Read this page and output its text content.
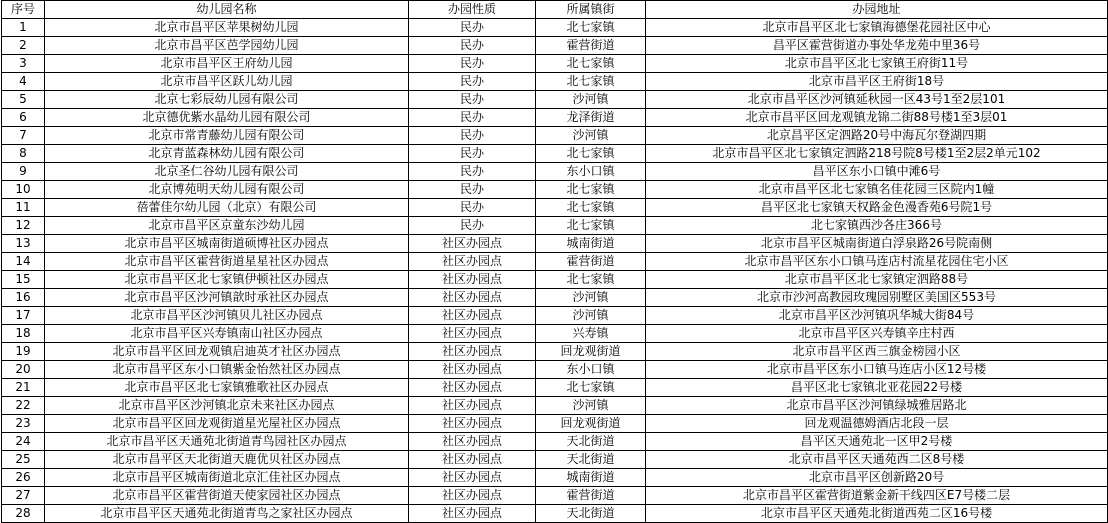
序号	幼儿园名称	办园性质	所属镇街	办园地址
1	北京市昌平区苹果树幼儿园	民办	北七家镇	北京市昌平区北七家镇海德堡花园社区中心
2	北京市昌平区芭学园幼儿园	民办	霍营街道	昌平区霍营街道办事处华龙苑中里36号
3	北京市昌平区王府幼儿园	民办	北七家镇	北京市昌平区北七家镇王府街11号
4	北京市昌平区跃儿幼儿园	民办	北七家镇	北京市昌平区王府街18号
5	北京七彩辰幼儿园有限公司	民办	沙河镇	北京市昌平区沙河镇延秋园一区43号1至2层101
6	北京德优紫水晶幼儿园有限公司	民办	龙泽街道	北京市昌平区回龙观镇龙锦二街88号楼1至3层01
7	北京市常青藤幼儿园有限公司	民办	沙河镇	北京昌平区定泗路20号中海瓦尔登湖四期
8	北京青蓝森林幼儿园有限公司	民办	北七家镇	北京市昌平区北七家镇定泗路218号院8号楼1至2层2单元102
9	北京圣仁谷幼儿园有限公司	民办	东小口镇	昌平区东小口镇中滩6号
10	北京博苑明天幼儿园有限公司	民办	北七家镇	北京市昌平区北七家镇名佳花园三区院内1幢
11	蓓蕾佳尔幼儿园（北京）有限公司	民办	北七家镇	昌平区北七家镇天权路金色漫香苑6号院1号
12	北京市昌平区京童东沙幼儿园	民办	北七家镇	北七家镇西沙各庄366号
13	北京市昌平区城南街道硕博社区办园点	社区办园点	城南街道	北京市昌平区城南街道白浮泉路26号院南侧
14	北京市昌平区霍营街道星星社区办园点	社区办园点	霍营街道	北京市昌平区东小口镇马连店村流星花园住宅小区
15	北京市昌平区北七家镇伊顿社区办园点	社区办园点	北七家镇	北京市昌平区北七家镇定泗路88号
16	北京市昌平区沙河镇歆时承社区办园点	社区办园点	沙河镇	北京市沙河高教园玫瑰园别墅区美国区553号
17	北京市昌平区沙河镇贝儿社区办园点	社区办园点	沙河镇	北京市昌平区沙河镇巩华城大街84号
18	北京市昌平区兴寿镇南山社区办园点	社区办园点	兴寿镇	北京市昌平区兴寿镇辛庄村西
19	北京市昌平区回龙观镇启迪英才社区办园点	社区办园点	回龙观街道	北京市昌平区西三旗金榜园小区
20	北京市昌平区东小口镇紫金怡然社区办园点	社区办园点	东小口镇	北京市昌平区东小口镇马连店小区12号楼
21	北京市昌平区北七家镇雅歌社区办园点	社区办园点	北七家镇	昌平区北七家镇北亚花园22号楼
22	北京市昌平区沙河镇北京未来社区办园点	社区办园点	沙河镇	北京市昌平区沙河镇绿城雅居路北
23	北京市昌平区回龙观街道星光屋社区办园点	社区办园点	回龙观街道	回龙观温德姆酒店北段一层
24	北京市昌平区天通苑北街道青鸟园社区办园点	社区办园点	天北街道	昌平区天通苑北一区甲2号楼
25	北京市昌平区天北街道天鹿优贝社区办园点	社区办园点	天北街道	北京市昌平区天通苑西二区8号楼
26	北京市昌平区城南街道北京汇佳社区办园点	社区办园点	城南街道	北京市昌平区创新路20号
27	北京市昌平区霍营街道天使家园社区办园点	社区办园点	霍营街道	北京市昌平区霍营街道紫金新干线四区E7号楼二层
28	北京市昌平区天通苑北街道青鸟之家社区办园点	社区办园点	天北街道	北京市昌平区天通苑北街道西苑二区16号楼
